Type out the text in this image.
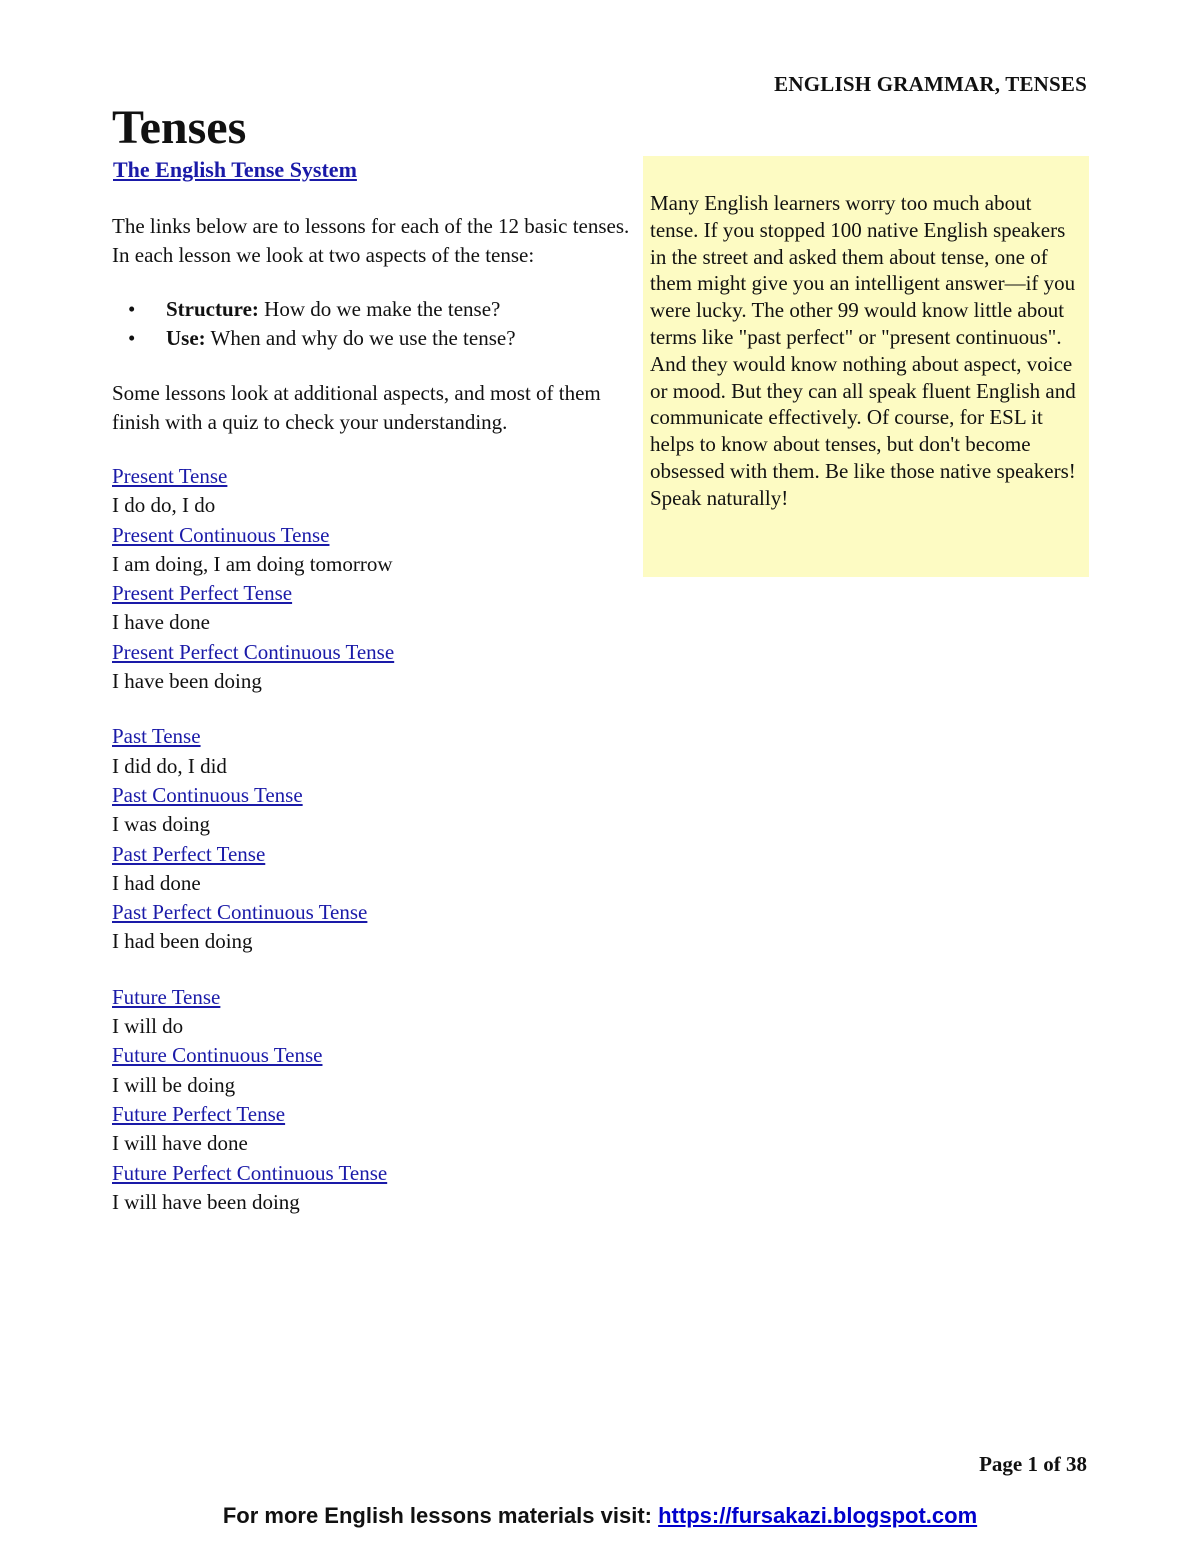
ENGLISH GRAMMAR, TENSES
Tenses
The English Tense System

The links below are to lessons for each of the 12 basic tenses. In each lesson we look at two aspects of the tense:

• Structure: How do we make the tense?
• Use: When and why do we use the tense?

Some lessons look at additional aspects, and most of them finish with a quiz to check your understanding.

Present Tense
I do do, I do
Present Continuous Tense
I am doing, I am doing tomorrow
Present Perfect Tense
I have done
Present Perfect Continuous Tense
I have been doing
Past Tense
I did do, I did
Past Continuous Tense
I was doing
Past Perfect Tense
I had done
Past Perfect Continuous Tense
I had been doing
Future Tense
I will do
Future Continuous Tense
I will be doing
Future Perfect Tense
I will have done
Future Perfect Continuous Tense
I will have been doing
Many English learners worry too much about tense. If you stopped 100 native English speakers in the street and asked them about tense, one of them might give you an intelligent answer—if you were lucky. The other 99 would know little about terms like "past perfect" or "present continuous". And they would know nothing about aspect, voice or mood. But they can all speak fluent English and communicate effectively. Of course, for ESL it helps to know about tenses, but don't become obsessed with them. Be like those native speakers! Speak naturally!
Page 1 of 38
For more English lessons materials visit: https://fursakazi.blogspot.com
